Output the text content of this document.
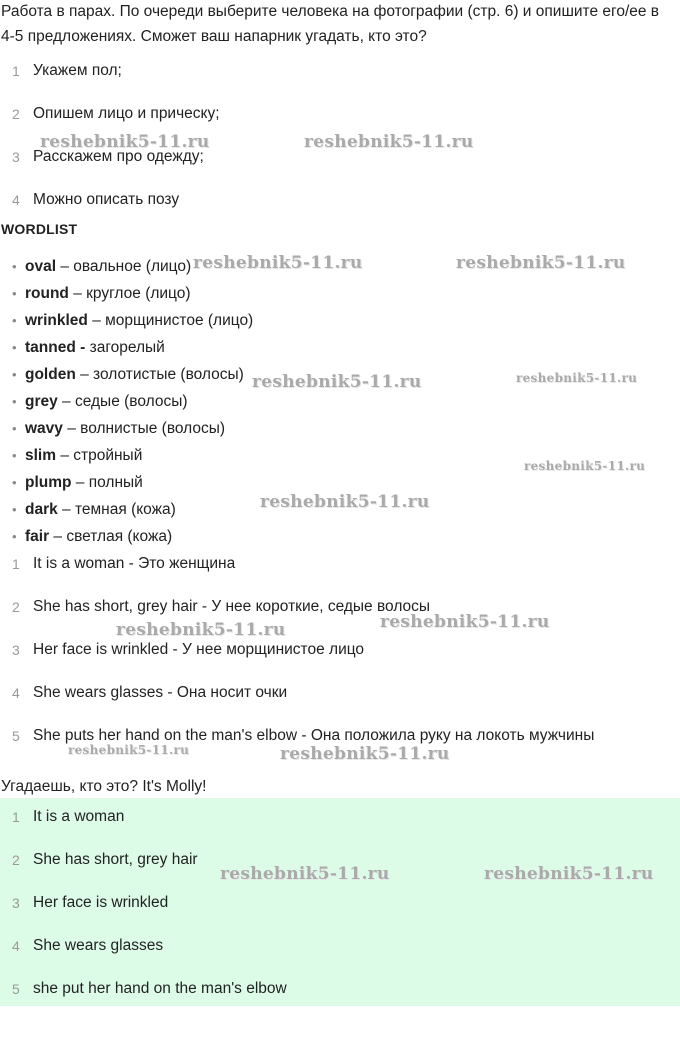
Работа в парах. По очереди выберите человека на фотографии (стр. 6) и опишите его/ее в 4-5 предложениях. Сможет ваш напарник угадать, кто это?

1 Укажем пол;
2 Опишем лицо и прическу;
3 Расскажем про одежду;
4 Можно описать позу
WORDLIST
• oval – овальное (лицо)
• round – круглое (лицо)
• wrinkled – морщинистое (лицо)
• tanned - загорелый
• golden – золотистые (волосы)
• grey – седые (волосы)
• wavy – волнистые (волосы)
• slim – стройный
• plump – полный
• dark – темная (кожа)
• fair – светлая (кожа)
1 It is a woman - Это женщина
2 She has short, grey hair - У нее короткие, седые волосы
3 Her face is wrinkled - У нее морщинистое лицо
4 She wears glasses - Она носит очки
5 She puts her hand on the man's elbow - Она положила руку на локоть мужчины
Угадаешь, кто это? It's Molly!
1 It is a woman
2 She has short, grey hair
3 Her face is wrinkled
4 She wears glasses
5 she put her hand on the man's elbow
reshebnik5-11.ru	reshebnik5-11.ru
reshebnik5-11.ru	reshebnik5-11.ru
reshebnik5-11.ru	reshebnik5-11.ru
reshebnik5-11.ru
reshebnik5-11.ru
reshebnik5-11.ru	reshebnik5-11.ru
reshebnik5-11.ru	reshebnik5-11.ru
reshebnik5-11.ru	reshebnik5-11.ru
